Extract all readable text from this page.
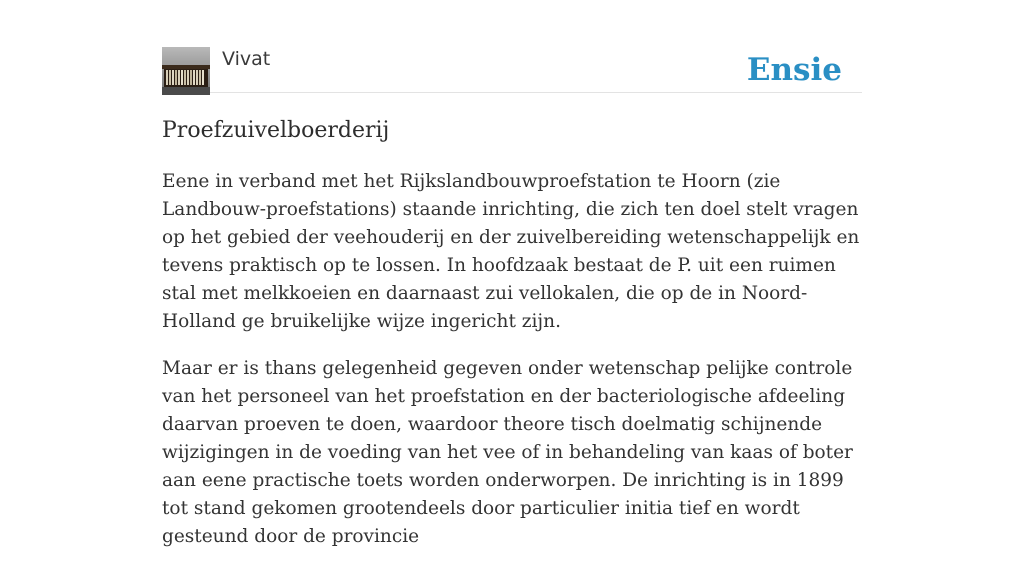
Vivat	Ensie
Proefzuivelboerderij

Eene in verband met het Rijkslandbouwproefstation te Hoorn (zie Landbouw-proefstations) staande inrichting, die zich ten doel stelt vragen op het gebied der veehouderij en der zuivelbereiding wetenschappelijk en tevens praktisch op te lossen. In hoofdzaak bestaat de P. uit een ruimen stal met melkkoeien en daarnaast zui vellokalen, die op de in Noord-Holland ge bruikelijke wijze ingericht zijn.

Maar er is thans gelegenheid gegeven onder wetenschap pelijke controle van het personeel van het proefstation en der bacteriologische afdeeling daarvan proeven te doen, waardoor theore tisch doelmatig schijnende wijzigingen in de voeding van het vee of in behandeling van kaas of boter aan eene practische toets worden onderworpen. De inrichting is in 1899 tot stand gekomen grootendeels door particulier initia tief en wordt gesteund door de provincie
